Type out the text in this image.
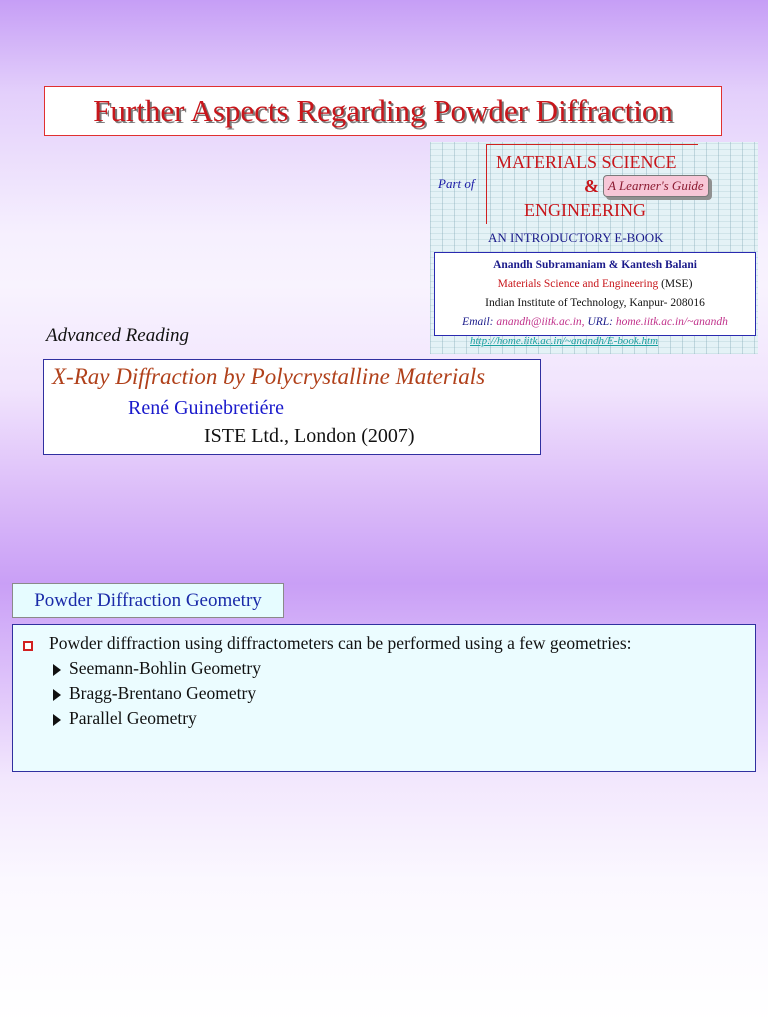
Further Aspects Regarding Powder Diffraction
Part of
MATERIALS SCIENCE
&
ENGINEERING
A Learner's Guide
AN INTRODUCTORY E-BOOK
Anandh Subramaniam & Kantesh Balani
Materials Science and Engineering (MSE)
Indian Institute of Technology, Kanpur- 208016
Email: anandh@iitk.ac.in, URL: home.iitk.ac.in/~anandh
http://home.iitk.ac.in/~anandh/E-book.htm
Advanced Reading
X-Ray Diffraction by Polycrystalline Materials
René Guinebretiére
ISTE Ltd., London (2007)
Powder Diffraction Geometry
Powder diffraction using diffractometers can be performed using a few geometries:
Seemann-Bohlin Geometry
Bragg-Brentano Geometry
Parallel Geometry
